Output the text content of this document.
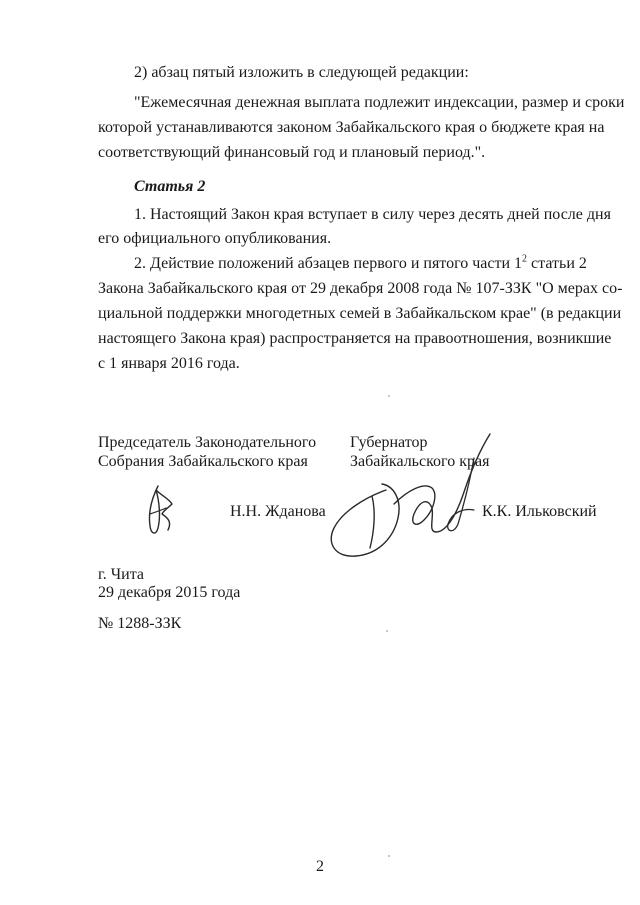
2) абзац пятый изложить в следующей редакции:
"Ежемесячная денежная выплата подлежит индексации, размер и сроки
которой устанавливаются законом Забайкальского края о бюджете края на
соответствующий финансовый год и плановый период.".
Статья 2
1. Настоящий Закон края вступает в силу через десять дней после дня
его официального опубликования.
2. Действие положений абзацев первого и пятого части $1^2$ статьи 2
Закона Забайкальского края от 29 декабря 2008 года № 107-ЗЗК "О мерах со-
циальной поддержки многодетных семей в Забайкальском крае" (в редакции
настоящего Закона края) распространяется на правоотношения, возникшие
с 1 января 2016 года.
Председатель Законодательного
Собрания Забайкальского края
Губернатор
Забайкальского края
Н.Н. Жданова	К.К. Ильковский
г. Чита
29 декабря 2015 года
№ 1288-ЗЗК
2
